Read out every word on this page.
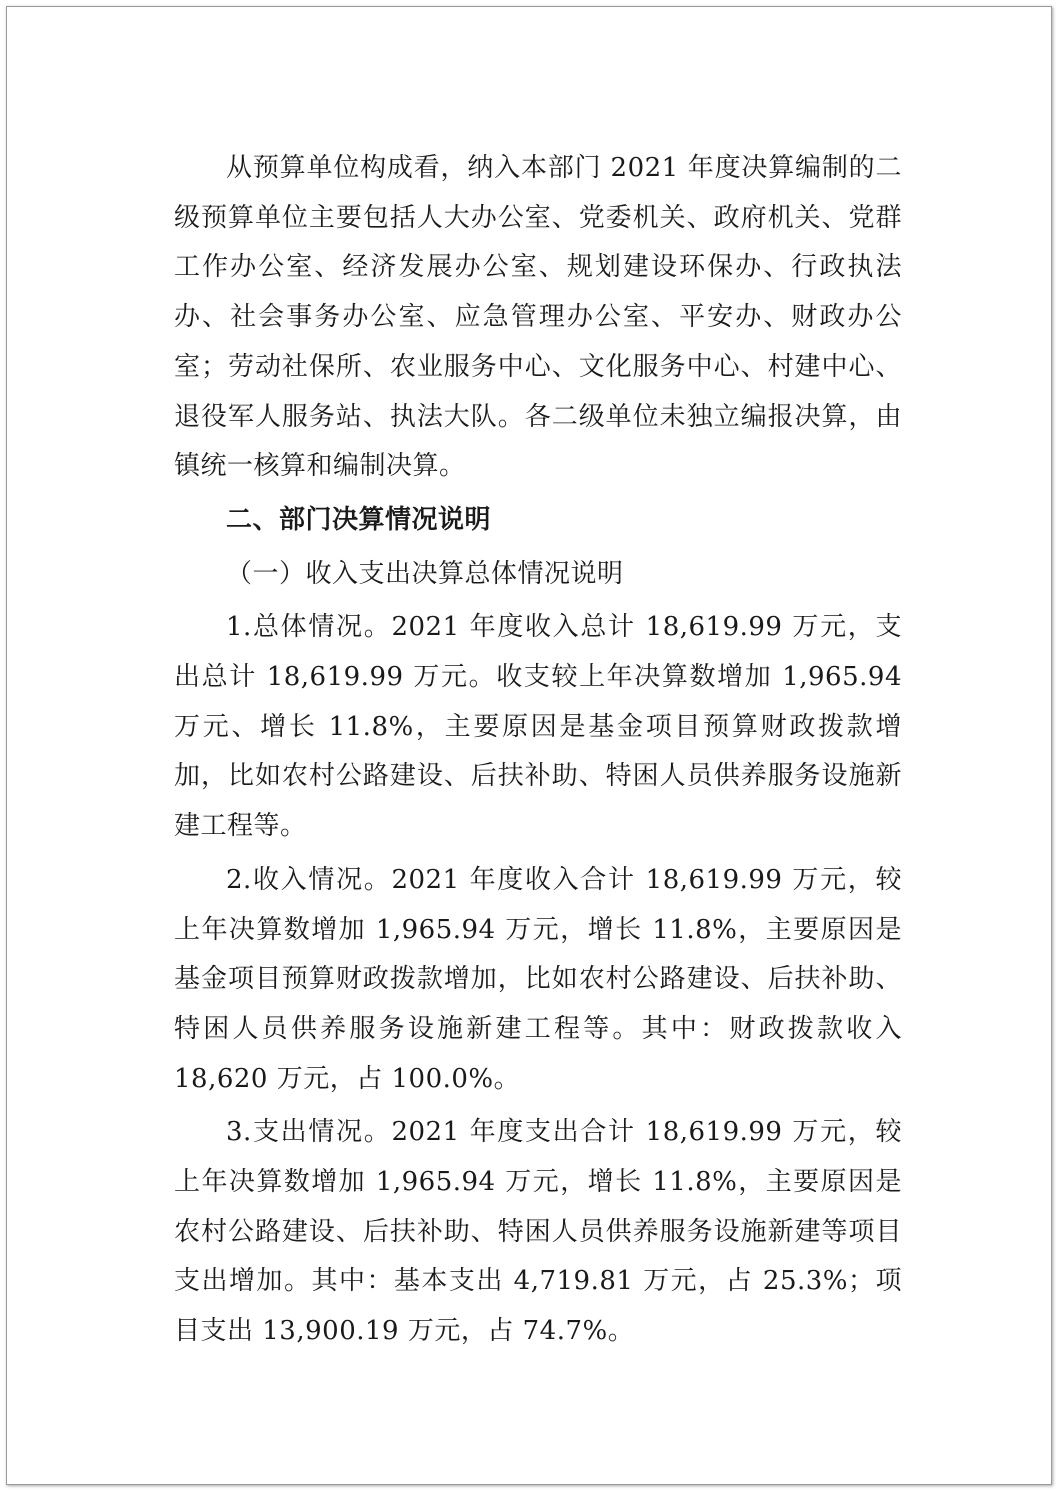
从预算单位构成看，纳入本部门 2021 年度决算编制的二级预算单位主要包括人大办公室、党委机关、政府机关、党群工作办公室、经济发展办公室、规划建设环保办、行政执法办、社会事务办公室、应急管理办公室、平安办、财政办公室；劳动社保所、农业服务中心、文化服务中心、村建中心、退役军人服务站、执法大队。各二级单位未独立编报决算，由镇统一核算和编制决算。

二、部门决算情况说明

（一）收入支出决算总体情况说明

1.总体情况。2021 年度收入总计 18,619.99 万元，支出总计 18,619.99 万元。收支较上年决算数增加 1,965.94 万元、增长 11.8%，主要原因是基金项目预算财政拨款增加，比如农村公路建设、后扶补助、特困人员供养服务设施新建工程等。

2.收入情况。2021 年度收入合计 18,619.99 万元，较上年决算数增加 1,965.94 万元，增长 11.8%，主要原因是基金项目预算财政拨款增加，比如农村公路建设、后扶补助、特困人员供养服务设施新建工程等。其中：财政拨款收入 18,620 万元，占 100.0%。

3.支出情况。2021 年度支出合计 18,619.99 万元，较上年决算数增加 1,965.94 万元，增长 11.8%，主要原因是农村公路建设、后扶补助、特困人员供养服务设施新建等项目支出增加。其中：基本支出 4,719.81 万元，占 25.3%；项目支出 13,900.19 万元，占 74.7%。
